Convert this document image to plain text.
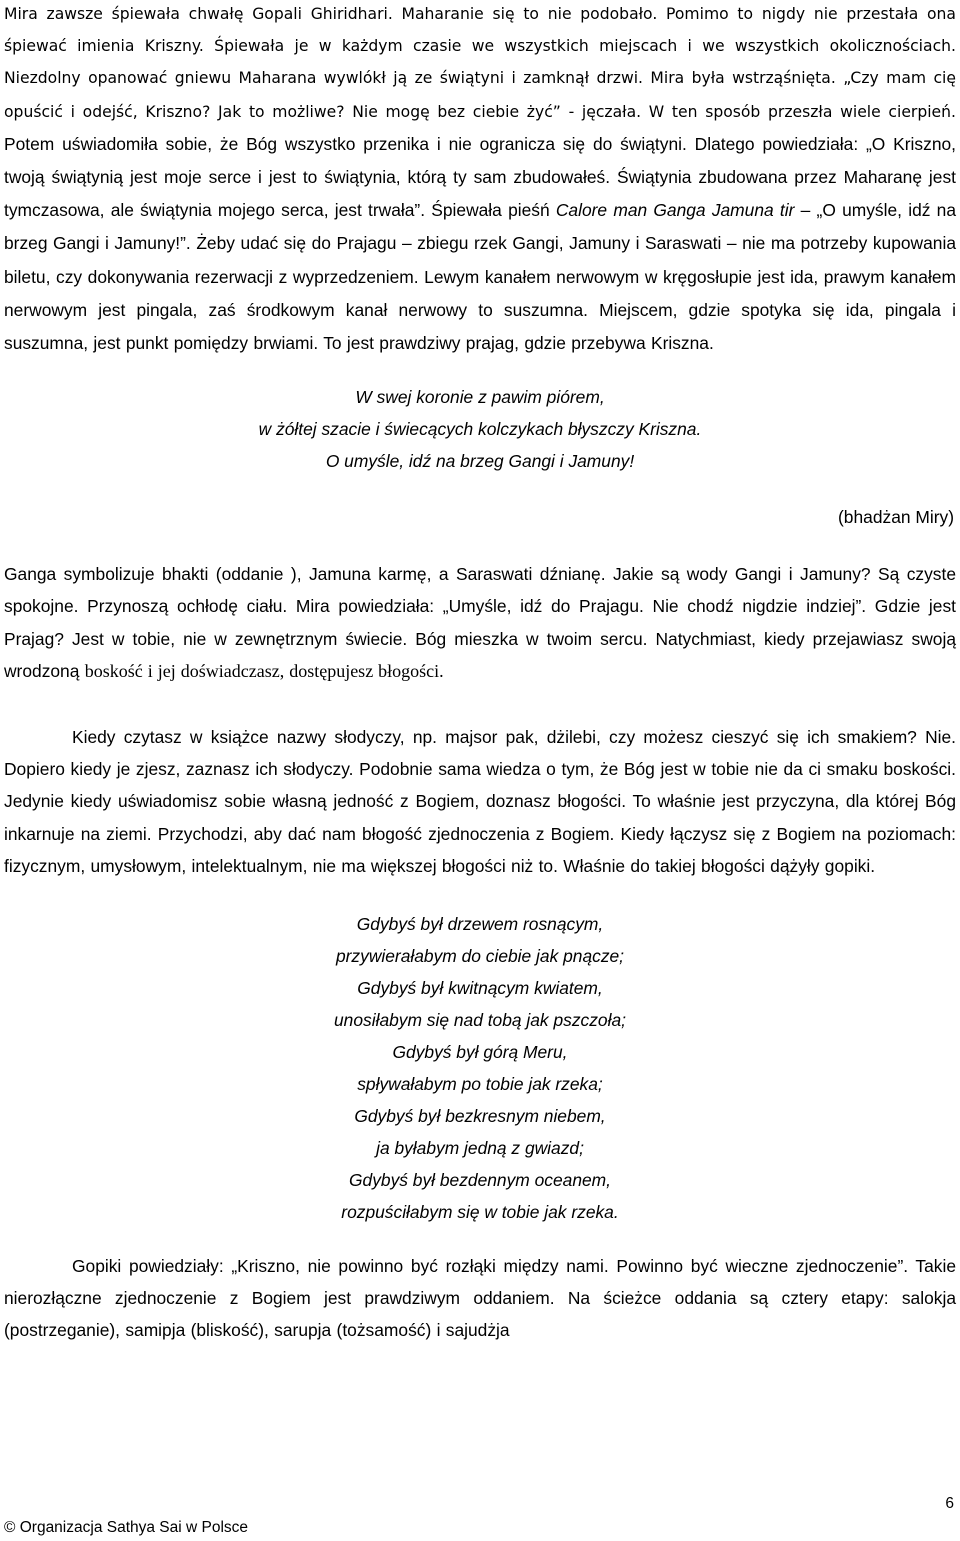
Mira zawsze śpiewała chwałę Gopali Ghiridhari. Maharanie się to nie podobało. Pomimo to nigdy nie przestała ona śpiewać imienia Kriszny. Śpiewała je w każdym czasie we wszystkich miejscach i we wszystkich okolicznościach. Niezdolny opanować gniewu Maharana wywlókł ją ze świątyni i zamknął drzwi. Mira była wstrząśnięta. „Czy mam cię opuścić i odejść, Kriszno? Jak to możliwe? Nie mogę bez ciebie żyć” - jęczała. W ten sposób przeszła wiele cierpień. Potem uświadomiła sobie, że Bóg wszystko przenika i nie ogranicza się do świątyni. Dlatego powiedziała: „O Kriszno, twoją świątynią jest moje serce i jest to świątynia, którą ty sam zbudowałeś. Świątynia zbudowana przez Maharanę jest tymczasowa, ale świątynia mojego serca, jest trwała”. Śpiewała pieśń Calore man Ganga Jamuna tir – „O umyśle, idź na brzeg Gangi i Jamuny!”. Żeby udać się do Prajagu – zbiegu rzek Gangi, Jamuny i Saraswati – nie ma potrzeby kupowania biletu, czy dokonywania rezerwacji z wyprzedzeniem. Lewym kanałem nerwowym w kręgosłupie jest ida, prawym kanałem nerwowym jest pingala, zaś środkowym kanał nerwowy to suszumna. Miejscem, gdzie spotyka się ida, pingala i suszumna, jest punkt pomiędzy brwiami. To jest prawdziwy prajag, gdzie przebywa Kriszna.

W swej koronie z pawim piórem,
w żółtej szacie i świecących kolczykach błyszczy Kriszna.
O umyśle, idź na brzeg Gangi i Jamuny!

(bhadżan Miry)

Ganga symbolizuje bhakti (oddanie ), Jamuna karmę, a Saraswati dźnianę. Jakie są wody Gangi i Jamuny? Są czyste spokojne. Przynoszą ochłodę ciału. Mira powiedziała: „Umyśle, idź do Prajagu. Nie chodź nigdzie indziej”. Gdzie jest Prajag? Jest w tobie, nie w zewnętrznym świecie. Bóg mieszka w twoim sercu. Natychmiast, kiedy przejawiasz swoją wrodzoną boskość i jej doświadczasz, dostępujesz błogości.

Kiedy czytasz w książce nazwy słodyczy, np. majsor pak, dżilebi, czy możesz cieszyć się ich smakiem? Nie. Dopiero kiedy je zjesz, zaznasz ich słodyczy. Podobnie sama wiedza o tym, że Bóg jest w tobie nie da ci smaku boskości. Jedynie kiedy uświadomisz sobie własną jedność z Bogiem, doznasz błogości. To właśnie jest przyczyna, dla której Bóg inkarnuje na ziemi. Przychodzi, aby dać nam błogość zjednoczenia z Bogiem. Kiedy łączysz się z Bogiem na poziomach: fizycznym, umysłowym, intelektualnym, nie ma większej błogości niż to. Właśnie do takiej błogości dążyły gopiki.

Gdybyś był drzewem rosnącym,
przywierałabym do ciebie jak pnącze;
Gdybyś był kwitnącym kwiatem,
unosiłabym się nad tobą jak pszczoła;
Gdybyś był górą Meru,
spływałabym po tobie jak rzeka;
Gdybyś był bezkresnym niebem,
ja byłabym jedną z gwiazd;
Gdybyś był bezdennym oceanem,
rozpuściłabym się w tobie jak rzeka.

Gopiki powiedziały: „Kriszno, nie powinno być rozłąki między nami. Powinno być wieczne zjednoczenie”. Takie nierozłączne zjednoczenie z Bogiem jest prawdziwym oddaniem. Na ścieżce oddania są cztery etapy: salokja (postrzeganie), samipja (bliskość), sarupja (tożsamość) i sajudżja

6
© Organizacja Sathya Sai w Polsce
